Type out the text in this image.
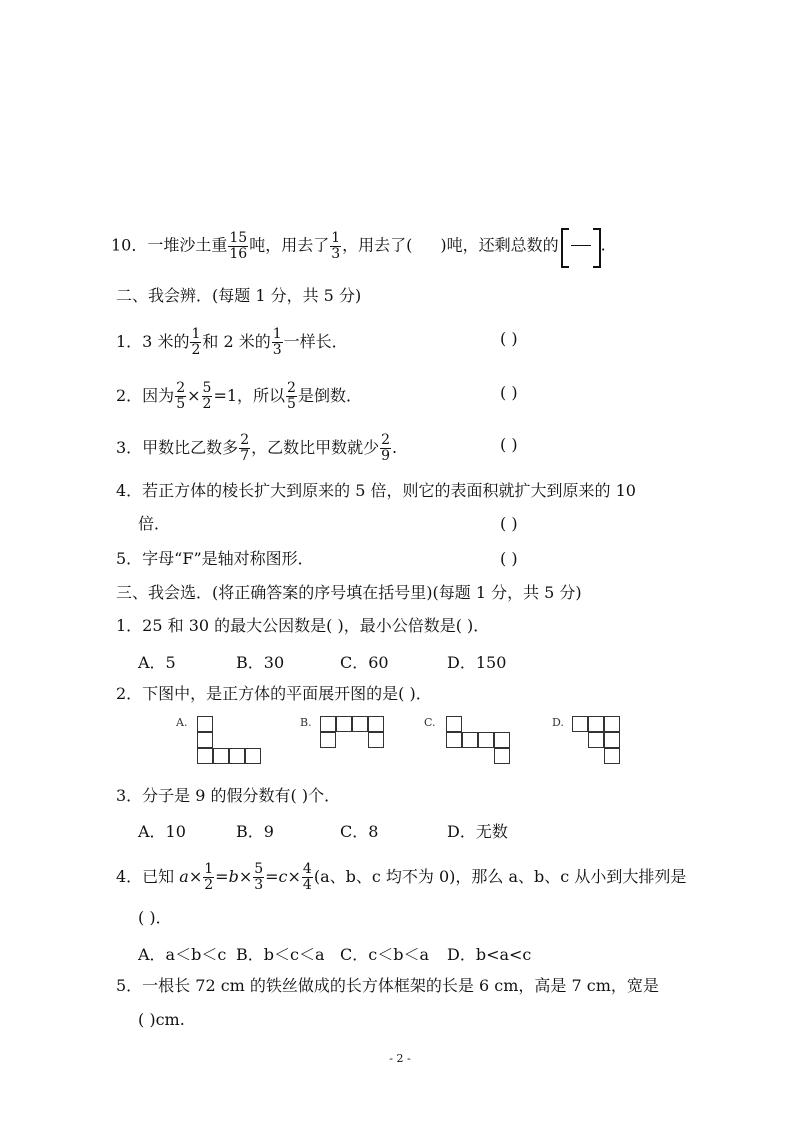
10．一堆沙土重 $\frac{15}{16}$ 吨，用去了 $\frac{1}{3}$ ，用去了( )吨，还剩总数的	.
二、我会辨．(每题 1 分，共 5 分)
1．3 米的 $\frac{1}{2}$ 和 2 米的 $\frac{1}{3}$ 一样长．	( )
2．因为 $\frac{2}{5} \times \frac{5}{2} =1$，所以 $\frac{2}{5}$ 是倒数．	( )
3．甲数比乙数多 $\frac{2}{7}$ ，乙数比甲数就少 $\frac{2}{9}$ .	( )
4．若正方体的棱长扩大到原来的 5 倍，则它的表面积就扩大到原来的 10
倍．	( )
5．字母“F”是轴对称图形．	( )
三、我会选．(将正确答案的序号填在括号里)(每题 1 分，共 5 分)
1．25 和 30 的最大公因数是( )，最小公倍数是( )．
A．5	B．30	C．60	D．150
2．下图中，是正方体的平面展开图的是( )．
A.	B.	C.	D.
3．分子是 9 的假分数有( )个．
A．10	B．9	C．8	D．无数
4．已知 $a\times \frac{1}{2} =b\times \frac{5}{3} =c\times \frac{4}{4} (a$、b、c 均不为 0)，那么 a、b、c 从小到大排列是
( )．
A．a＜b＜c B．b＜c＜a C．c＜b＜a D．b<a<c
5．一根长 72 cm 的铁丝做成的长方体框架的长是 6 cm，高是 7 cm，宽是
( )cm.
- 2 -
